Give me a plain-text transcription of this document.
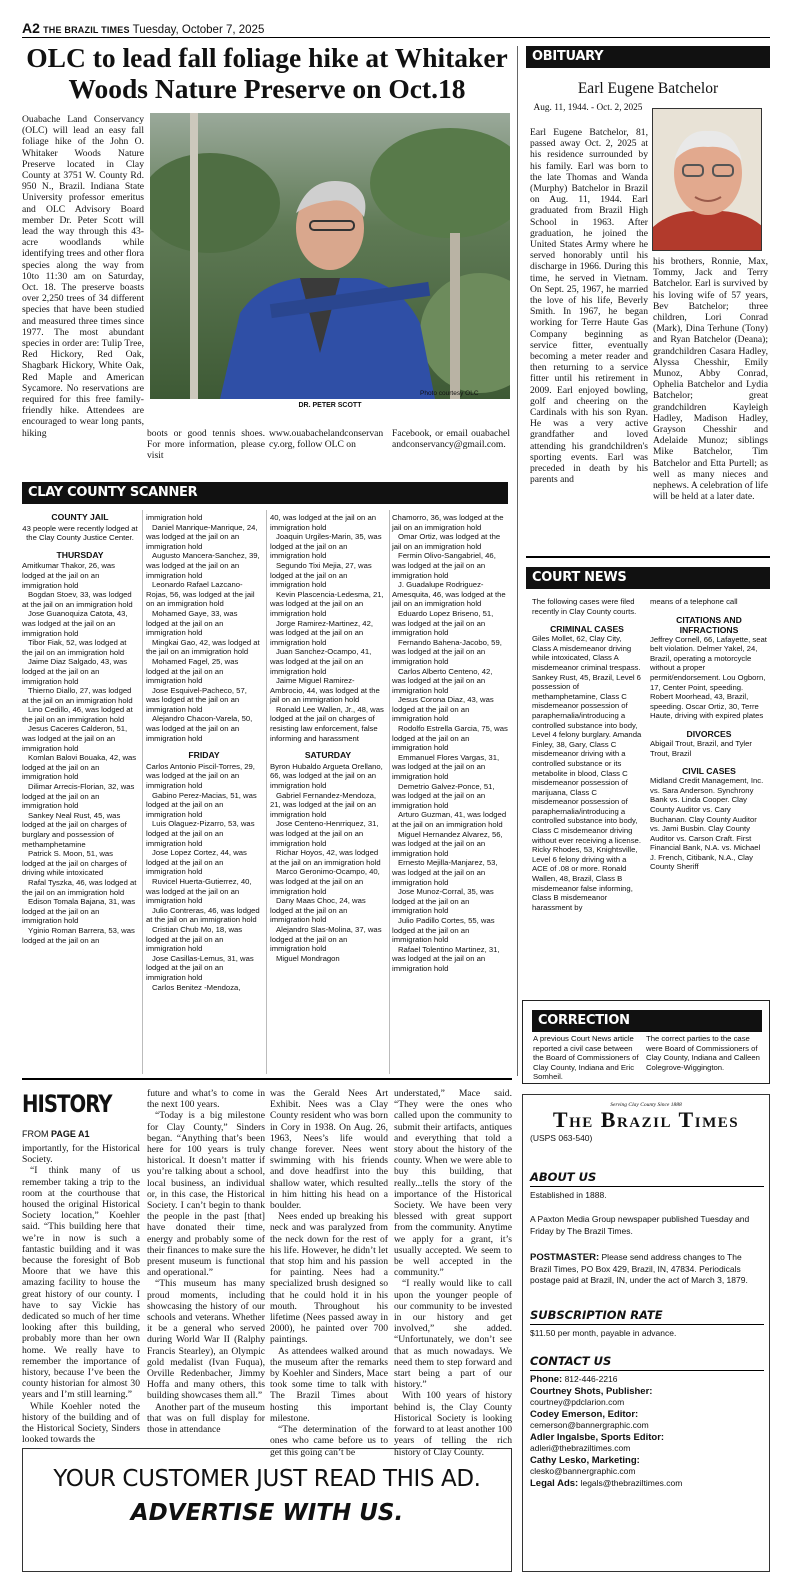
A2 THE BRAZIL TIMES Tuesday, October 7, 2025
OLC to lead fall foliage hike at Whitaker Woods Nature Preserve on Oct.18

Ouabache Land Conservancy (OLC) will lead an easy fall foliage hike of the John O. Whitaker Woods Nature Preserve located in Clay County at 3751 W. County Rd. 950 N., Brazil. Indiana State University professor emeritus and OLC Advisory Board member Dr. Peter Scott will lead the way through this 43-acre woodlands while identifying trees and other flora species along the way from 10to 11:30 am on Saturday, Oct. 18. The preserve boasts over 2,250 trees of 34 different species that have been studied and measured three times since 1977. The most abundant species in order are: Tulip Tree, Red Hickory, Red Oak, Shagbark Hickory, White Oak, Red Maple and American Sycamore. No reservations are required for this free family-friendly hike. Attendees are encouraged to wear long pants, hiking

Photo courtesy OLC
DR. PETER SCOTT

boots or good tennis shoes. For more information, please visit

www.ouabachelandconservancy.org, follow OLC on

Facebook, or email ouabachelandconservancy@gmail.com.

OBITUARY
Earl Eugene Batchelor
Aug. 11, 1944. - Oct. 2, 2025

Earl Eugene Batchelor, 81, passed away Oct. 2, 2025 at his residence surrounded by his family. Earl was born to the late Thomas and Wanda (Murphy) Batchelor in Brazil on Aug. 11, 1944. Earl graduated from Brazil High School in 1963. After graduation, he joined the United States Army where he served honorably until his discharge in 1966. During this time, he served in Vietnam. On Sept. 25, 1967, he married the love of his life, Beverly Smith. In 1967, he began working for Terre Haute Gas Company beginning as service fitter, eventually becoming a meter reader and then returning to a service fitter until his retirement in 2009. Earl enjoyed bowling, golf and cheering on the Cardinals with his son Ryan. He was a very active grandfather and loved attending his grandchildren's sporting events. Earl was preceded in death by his parents and

his brothers, Ronnie, Max, Tommy, Jack and Terry Batchelor. Earl is survived by his loving wife of 57 years, Bev Batchelor; three children, Lori Conrad (Mark), Dina Terhune (Tony) and Ryan Batchelor (Deana); grandchildren Casara Hadley, Alyssa Chesshir, Emily Munoz, Abby Conrad, Ophelia Batchelor and Lydia Batchelor; great grandchildren Kayleigh Hadley, Madison Hadley, Grayson Chesshir and Adelaide Munoz; siblings Mike Batchelor, Tim Batchelor and Etta Purtell; as well as many nieces and nephews. A celebration of life will be held at a later date.

COURT NEWS

The following cases were filed recently in Clay County courts.

CRIMINAL CASES

Giles Mollet, 62, Clay City, Class A misdemeanor driving while intoxicated, Class A misdemeanor criminal trespass. Sankey Rust, 45, Brazil, Level 6 possession of methamphetamine, Class C misdemeanor possession of paraphernalia/introducing a controlled substance into body, Level 4 felony burglary. Amanda Finley, 38, Gary, Class C misdemeanor driving with a controlled substance or its metabolite in blood, Class C misdemeanor possession of marijuana, Class C misdemeanor possession of paraphernalia/introducing a controlled substance into body, Class C misdemeanor driving without ever receiving a license. Ricky Rhodes, 53, Knightsville, Level 6 felony driving with a ACE of .08 or more. Ronald Wallen, 48, Brazil, Class B misdemeanor false informing, Class B misdemeanor harassment by

means of a telephone call

CITATIONS AND INFRACTIONS

Jeffrey Cornell, 66, Lafayette, seat belt violation. Delmer Yakel, 24, Brazil, operating a motorcycle without a proper permit/endorsement. Lou Ogborn, 17, Center Point, speeding. Robert Moorhead, 43, Brazil, speeding. Oscar Ortiz, 30, Terre Haute, driving with expired plates

DIVORCES

Abigail Trout, Brazil, and Tyler Trout, Brazil

CIVIL CASES

Midland Credit Management, Inc. vs. Sara Anderson. Synchrony Bank vs. Linda Cooper. Clay County Auditor vs. Cary Buchanan. Clay County Auditor vs. Jami Busbin. Clay County Auditor vs. Carson Craft. First Financial Bank, N.A. vs. Michael J. French, Citibank, N.A., Clay County Sheriff

CORRECTION

A previous Court News article reported a civil case between the Board of Commissioners of Clay County, Indiana and Eric Somheil.

The correct parties to the case were Board of Commissioners of Clay County, Indiana and Calleen Colegrove-Wiggington.

CLAY COUNTY SCANNER

COUNTY JAIL

43 people were recently lodged at the Clay County Justice Center.

THURSDAY

Amitkumar Thakor, 26, was lodged at the jail on an immigration hold

Bogdan Stoev, 33, was lodged at the jail on an immigration hold

Jose Guanoquiza Catota, 43, was lodged at the jail on an immigration hold

Tibor Fiak, 52, was lodged at the jail on an immigration hold

Jaime Diaz Salgado, 43, was lodged at the jail on an immigration hold

Thierno Diallo, 27, was lodged at the jail on an immigration hold

Lino Cedillo, 46, was lodged at the jail on an immigration hold

Jesus Caceres Calderon, 51, was lodged at the jail on an immigration hold

Komlan Balovi Bouaka, 42, was lodged at the jail on an immigration hold

Dilimar Arrecis-Florian, 32, was lodged at the jail on an immigration hold

Sankey Neal Rust, 45, was lodged at the jail on charges of burglary and possession of methamphetamine

Patrick S. Moon, 51, was lodged at the jail on charges of driving while intoxicated

Rafal Tyszka, 46, was lodged at the jail on an immigration hold

Edison Tomala Bajana, 31, was lodged at the jail on an immigration hold

Yginio Roman Barrera, 53, was lodged at the jail on an

immigration hold

Daniel Manrique-Manrique, 24, was lodged at the jail on an immigration hold

Augusto Mancera-Sanchez, 39, was lodged at the jail on an immigration hold

Leonardo Rafael Lazcano-Rojas, 56, was lodged at the jail on an immigration hold

Mohamed Gaye, 33, was lodged at the jail on an immigration hold

Mingkai Gao, 42, was lodged at the jail on an immigration hold

Mohamed Fagel, 25, was lodged at the jail on an immigration hold

Jose Esquivel-Pacheco, 57, was lodged at the jail on an immigration hold

Alejandro Chacon-Varela, 50, was lodged at the jail on an immigration hold

FRIDAY

Carlos Antonio Piscil-Torres, 29, was lodged at the jail on an immigration hold

Gabino Perez-Macias, 51, was lodged at the jail on an immigration hold

Luis Olaguez-Pizarro, 53, was lodged at the jail on an immigration hold

Jose Lopez Cortez, 44, was lodged at the jail on an immigration hold

Ruvicel Huerta-Gutierrez, 40, was lodged at the jail on an immigration hold

Julio Contreras, 46, was lodged at the jail on an immigration hold

Cristian Chub Mo, 18, was lodged at the jail on an immigration hold

Jose Casillas-Lemus, 31, was lodged at the jail on an immigration hold

Carlos Benitez -Mendoza,

40, was lodged at the jail on an immigration hold

Joaquin Urgiles-Marin, 35, was lodged at the jail on an immigration hold

Segundo Tixi Mejia, 27, was lodged at the jail on an immigration hold

Kevin Plascencia-Ledesma, 21, was lodged at the jail on an immigration hold

Jorge Ramirez-Martinez, 42, was lodged at the jail on an immigration hold

Juan Sanchez-Ocampo, 41, was lodged at the jail on an immigration hold

Jaime Miguel Ramirez-Ambrocio, 44, was lodged at the jail on an immigration hold

Ronald Lee Wallen, Jr., 48, was lodged at the jail on charges of resisting law enforcement, false informing and harassment

SATURDAY

Byron Hubaldo Argueta Orellano, 66, was lodged at the jail on an immigration hold

Gabriel Fernandez-Mendoza, 21, was lodged at the jail on an immigration hold

Jose Centeno-Henrriquez, 31, was lodged at the jail on an immigration hold

Richar Hoyos, 42, was lodged at the jail on an immigration hold

Marco Geronimo-Ocampo, 40, was lodged at the jail on an immigration hold

Dany Maas Choc, 24, was lodged at the jail on an immigration hold

Alejandro Slas-Molina, 37, was lodged at the jail on an immigration hold

Miguel Mondragon

Chamorro, 36, was lodged at the jail on an immigration hold

Omar Ortiz, was lodged at the jail on an immigration hold

Fermin Olivo-Sangabriel, 46, was lodged at the jail on an immigration hold

J. Guadalupe Rodriguez-Amesquita, 46, was lodged at the jail on an immigration hold

Eduardo Lopez Briseno, 51, was lodged at the jail on an immigration hold

Fernando Bahena-Jacobo, 59, was lodged at the jail on an immigration hold

Carlos Alberto Centeno, 42, was lodged at the jail on an immigration hold

Jesus Corona Diaz, 43, was lodged at the jail on an immigration hold

Rodolfo Estrella Garcia, 75, was lodged at the jail on an immigration hold

Emmanuel Flores Vargas, 31, was lodged at the jail on an immigration hold

Demetrio Galvez-Ponce, 51, was lodged at the jail on an immigration hold

Arturo Guzman, 41, was lodged at the jail on an immigration hold

Miguel Hernandez Alvarez, 56, was lodged at the jail on an immigration hold

Ernesto Mejilla-Manjarez, 53, was lodged at the jail on an immigration hold

Jose Munoz-Corral, 35, was lodged at the jail on an immigration hold

Julio Padillo Cortes, 55, was lodged at the jail on an immigration hold

Rafael Tolentino Martinez, 31, was lodged at the jail on an immigration hold

HISTORY
FROM PAGE A1

importantly, for the Historical Society.

“I think many of us remember taking a trip to the room at the courthouse that housed the original Historical Society location,” Koehler said. “This building here that we’re in now is such a fantastic building and it was because the foresight of Bob Moore that we have this amazing facility to house the great history of our county. I have to say Vickie has dedicated so much of her time looking after this building, probably more than her own home. We really have to remember the importance of history, because I’ve been the county historian for almost 30 years and I’m still learning.”

While Koehler noted the history of the building and of the Historical Society, Sinders looked towards the

future and what’s to come in the next 100 years.

“Today is a big milestone for Clay County,” Sinders began. “Anything that’s been here for 100 years is truly historical. It doesn’t matter if you’re talking about a school, local business, an individual or, in this case, the Historical Society. I can’t begin to thank the people in the past [that] have donated their time, energy and probably some of their finances to make sure the present museum is functional and operational.”

“This museum has many proud moments, including showcasing the history of our schools and veterans. Whether it be a general who served during World War II (Ralphy Francis Stearley), an Olympic gold medalist (Ivan Fuqua), Orville Redenbacher, Jimmy Hoffa and many others, this building showcases them all.”

Another part of the museum that was on full display for those in attendance

was the Gerald Nees Art Exhibit. Nees was a Clay County resident who was born in Cory in 1938. On Aug. 26, 1963, Nees’s life would change forever. Nees went swimming with his friends and dove headfirst into the shallow water, which resulted in him hitting his head on a boulder.

Nees ended up breaking his neck and was paralyzed from the neck down for the rest of his life. However, he didn’t let that stop him and his passion for painting. Nees had a specialized brush designed so that he could hold it in his mouth. Throughout his lifetime (Nees passed away in 2000), he painted over 700 paintings.

As attendees walked around the museum after the remarks by Koehler and Sinders, Mace took some time to talk with The Brazil Times about hosting this important milestone.

“The determination of the ones who came before us to get this going can’t be

understated,” Mace said. “They were the ones who called upon the community to submit their artifacts, antiques and everything that told a story about the history of the county. When we were able to buy this building, that really...tells the story of the importance of the Historical Society. We have been very blessed with great support from the community. Anytime we apply for a grant, it’s usually accepted. We seem to be well accepted in the community.”

“I really would like to call upon the younger people of our community to be invested in our history and get involved,” she added. “Unfortunately, we don’t see that as much nowadays. We need them to step forward and start being a part of our history.”

With 100 years of history behind is, the Clay County Historical Society is looking forward to at least another 100 years of telling the rich history of Clay County.

YOUR CUSTOMER JUST READ THIS AD.
ADVERTISE WITH US.
Serving Clay County Since 1888
The Brazil Times
(USPS 063-540)
ABOUT US
Established in 1888.
A Paxton Media Group newspaper published Tuesday and Friday by The Brazil Times.
POSTMASTER: Please send address changes to The Brazil Times, PO Box 429, Brazil, IN, 47834. Periodicals postage paid at Brazil, IN, under the act of March 3, 1879.
SUBSCRIPTION RATE
$11.50 per month, payable in advance.
CONTACT US
Phone: 812-446-2216
Courtney Shots, Publisher:
courtney@pdclarion.com
Codey Emerson, Editor:
cemerson@bannergraphic.com
Adler Ingalsbe, Sports Editor:
adleri@thebraziltimes.com
Cathy Lesko, Marketing:
clesko@bannergraphic.com
Legal Ads: legals@thebraziltimes.com
